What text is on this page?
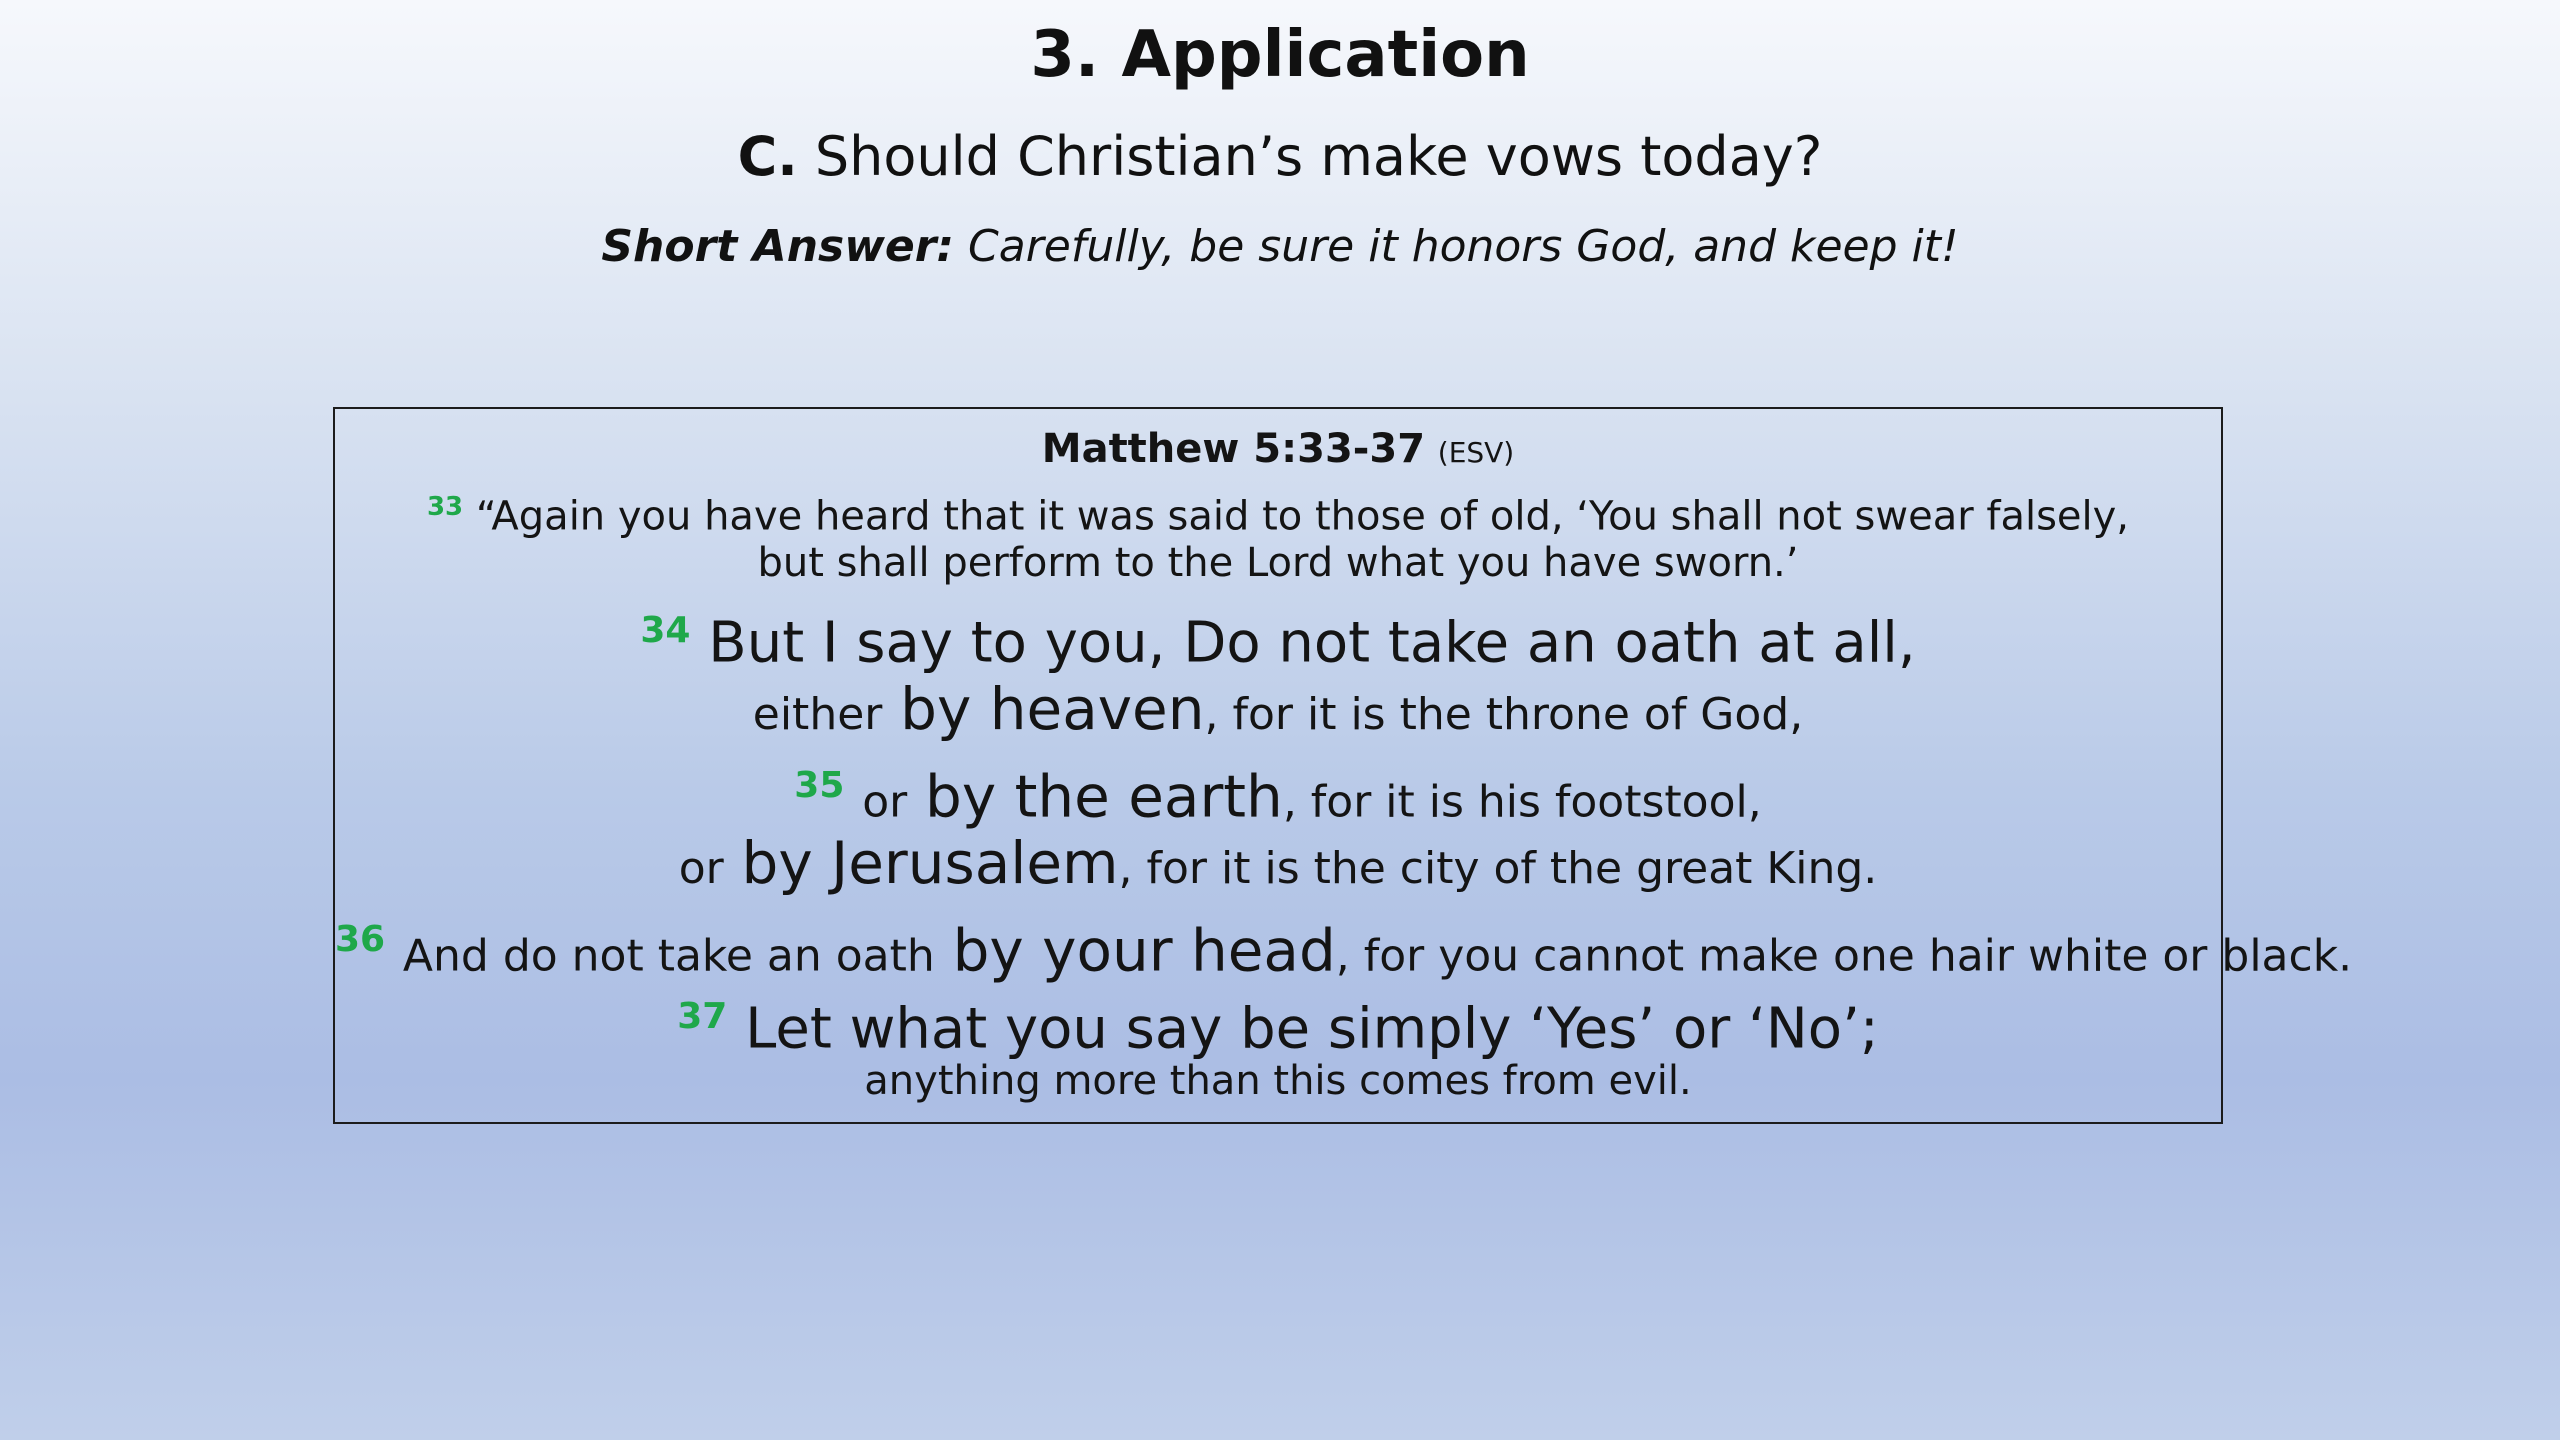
3. Application
C. Should Christian’s make vows today?
Short Answer: Carefully, be sure it honors God, and keep it!
Matthew 5:33-37 (ESV)
$^{33}$ “Again you have heard that it was said to those of old, ‘You shall not swear falsely,
but shall perform to the Lord what you have sworn.’
$^{34}$ But I say to you, Do not take an oath at all,
either by heaven, for it is the throne of God,
$^{35}$ or by the earth, for it is his footstool,
or by Jerusalem, for it is the city of the great King.
$^{36}$ And do not take an oath by your head, for you cannot make one hair white or black.
$^{37}$ Let what you say be simply ‘Yes’ or ‘No’;
anything more than this comes from evil.
